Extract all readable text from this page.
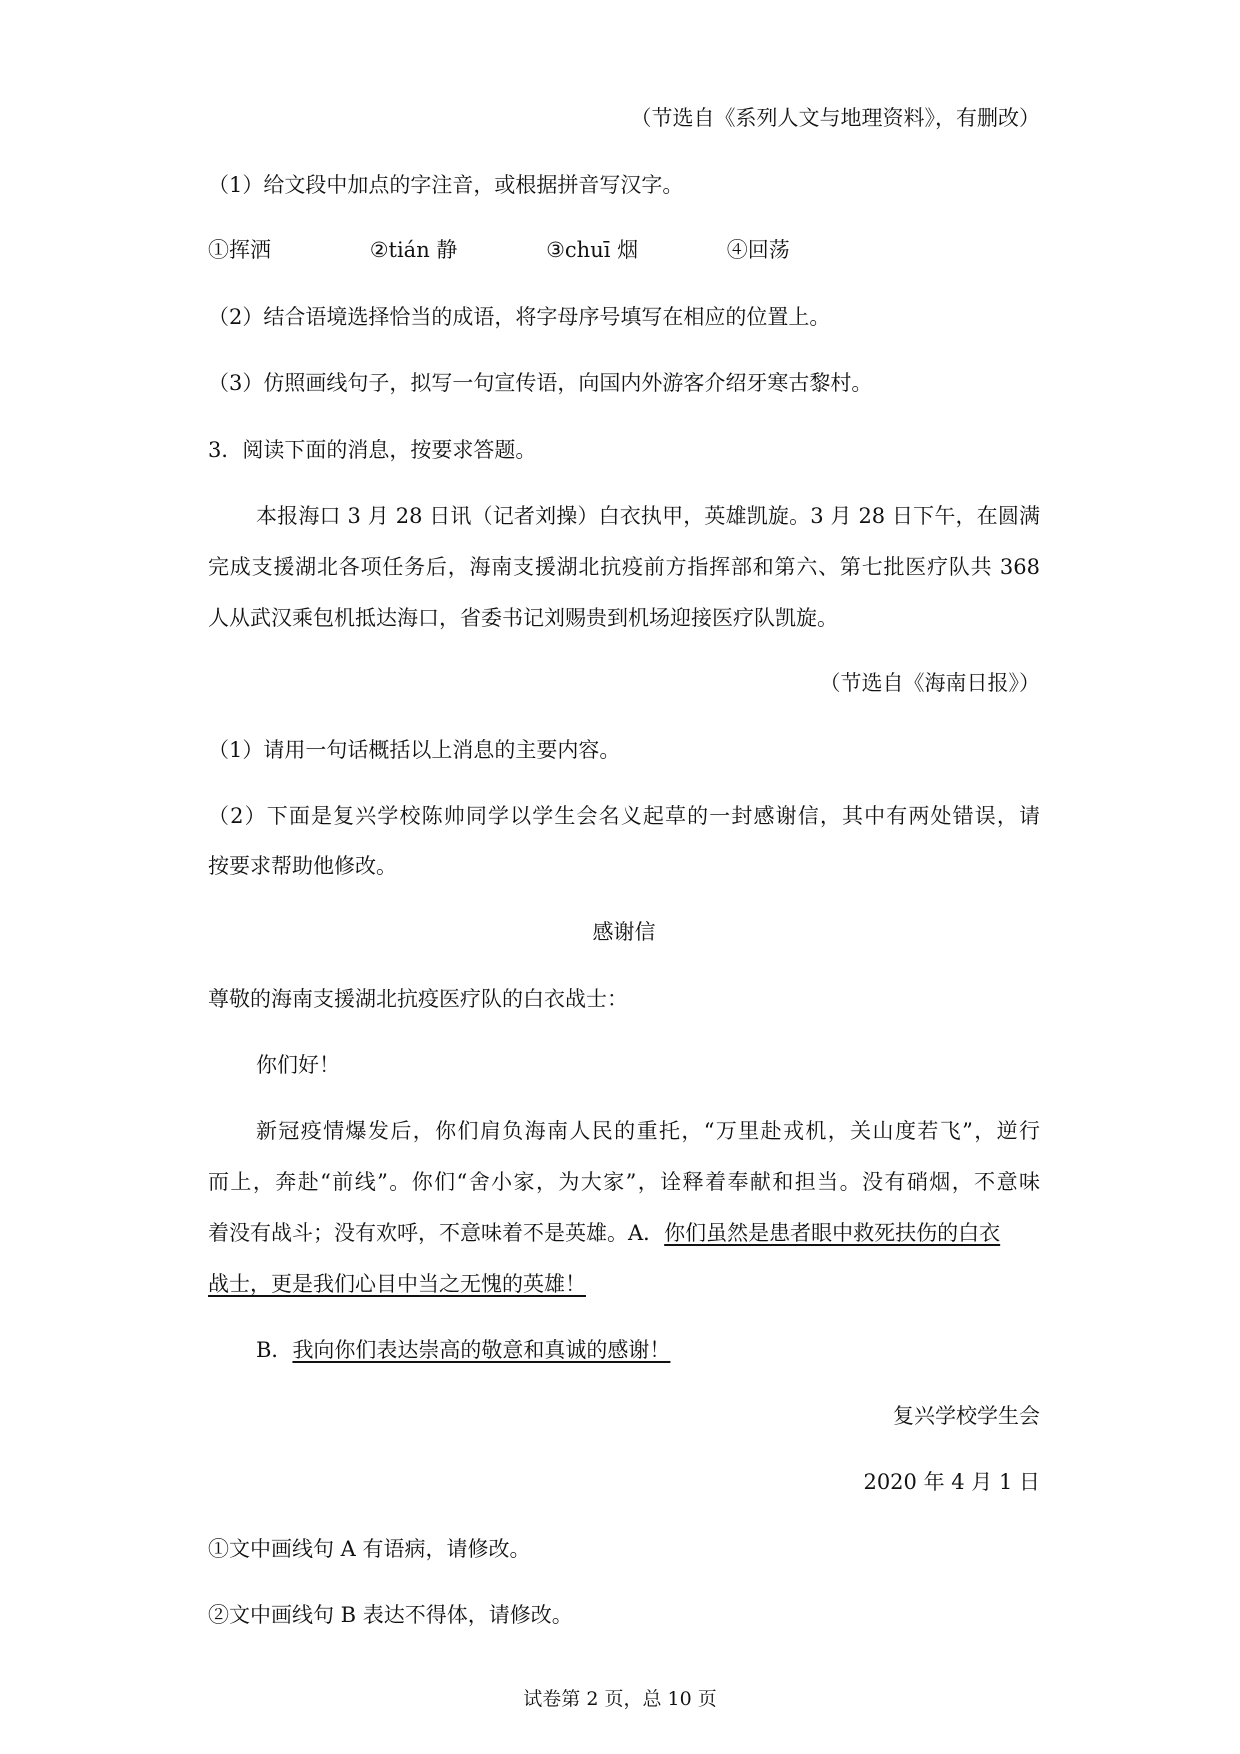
（节选自《系列人文与地理资料》，有删改）
（1）给文段中加点的字注音，或根据拼音写汉字。
①挥洒	②tián 静	③chuī 烟	④回荡
（2）结合语境选择恰当的成语，将字母序号填写在相应的位置上。
（3）仿照画线句子，拟写一句宣传语，向国内外游客介绍牙寒古黎村。
3．阅读下面的消息，按要求答题。
本报海口 3 月 28 日讯（记者刘操）白衣执甲，英雄凯旋。3 月 28 日下午，在圆满
完成支援湖北各项任务后，海南支援湖北抗疫前方指挥部和第六、第七批医疗队共 368
人从武汉乘包机抵达海口，省委书记刘赐贵到机场迎接医疗队凯旋。
（节选自《海南日报》）
（1）请用一句话概括以上消息的主要内容。
（2）下面是复兴学校陈帅同学以学生会名义起草的一封感谢信，其中有两处错误，请
按要求帮助他修改。
感谢信
尊敬的海南支援湖北抗疫医疗队的白衣战士：
你们好！
新冠疫情爆发后，你们肩负海南人民的重托，“万里赴戎机，关山度若飞”，逆行
而上，奔赴“前线”。你们“舍小家，为大家”，诠释着奉献和担当。没有硝烟，不意味
着没有战斗；没有欢呼，不意味着不是英雄。A．你们虽然是患者眼中救死扶伤的白衣
战士，更是我们心目中当之无愧的英雄！
B．我向你们表达崇高的敬意和真诚的感谢！
复兴学校学生会
2020 年 4 月 1 日
①文中画线句 A 有语病，请修改。
②文中画线句 B 表达不得体，请修改。
试卷第 2 页，总 10 页
